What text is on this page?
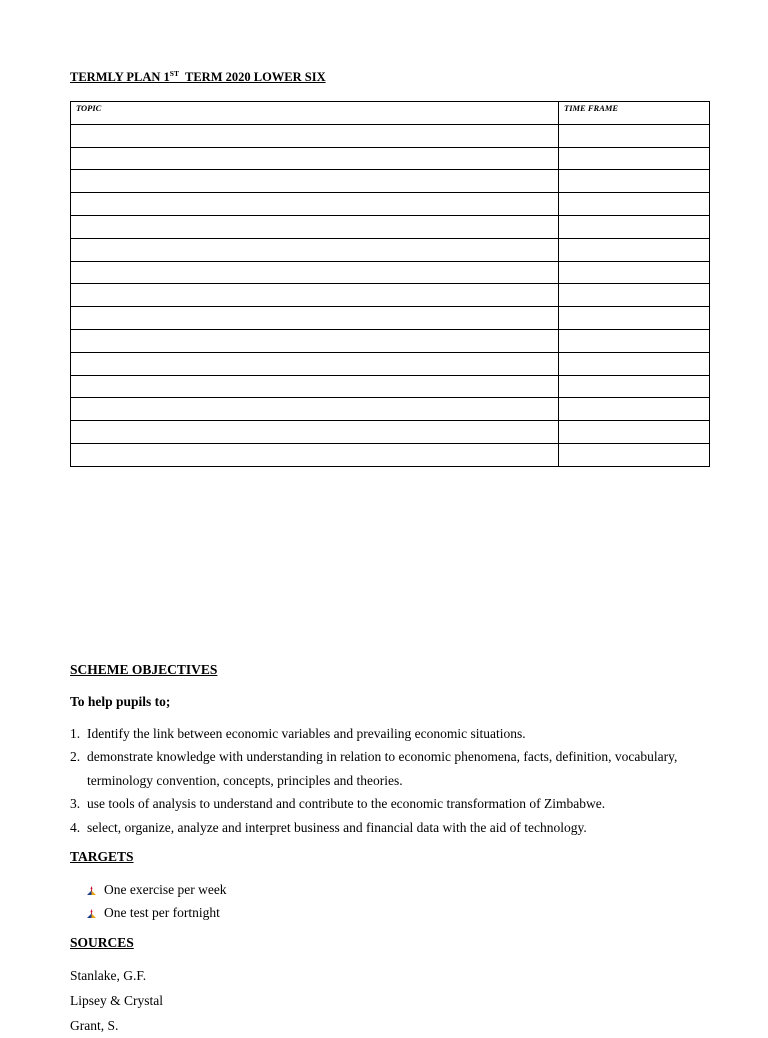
TERMLY PLAN 1ST  TERM 2020 LOWER SIX
TOPIC	TIME FRAME

SCHEME OBJECTIVES

To help pupils to;

1. Identify the link between economic variables and prevailing economic situations.
2. demonstrate knowledge with understanding in relation to economic phenomena, facts, definition, vocabulary, terminology convention, concepts, principles and theories.
3. use tools of analysis to understand and contribute to the economic transformation of Zimbabwe.
4. select, organize, analyze and interpret business and financial data with the aid of technology.
TARGETS
One exercise per week
One test per fortnight
SOURCES
Stanlake, G.F.
Lipsey & Crystal
Grant, S.
